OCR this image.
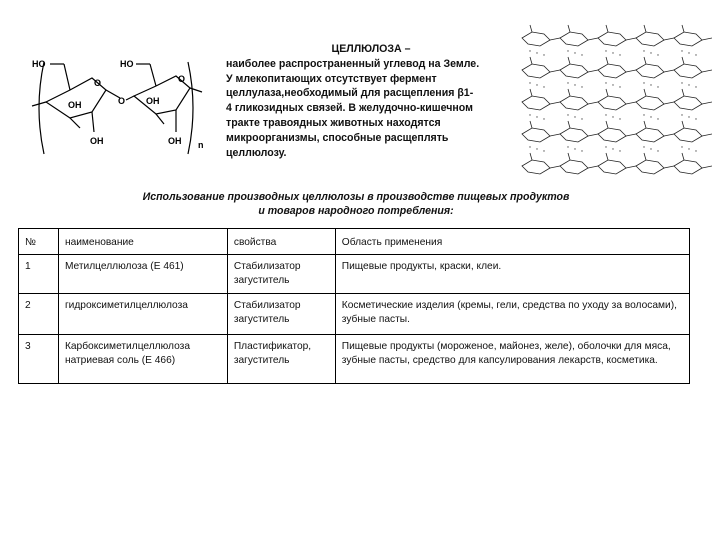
HO	HO
O	O
OH	OH
O
OH	OH n
ЦЕЛЛЮЛОЗА –
наиболее распространенный углевод на Земле.
У млекопитающих отсутствует фермент
целлулаза,необходимый для расщепления β1-
4 гликозидных связей. В желудочно-кишечном
тракте травоядных животных находятся
микроорганизмы, способные расщеплять
целлюлозу.
Использование производных целлюлозы в производстве пищевых продуктов
и товаров народного потребления:
№	наименование	свойства	Область применения
1	Метилцеллюлоза (Е 461)	Стабилизатор загуститель	Пищевые продукты, краски, клеи.
2	гидроксиметилцеллюлоза	Стабилизатор загуститель	Косметические изделия (кремы, гели, средства по уходу за волосами), зубные пасты.
3	Карбоксиметилцеллюлоза натриевая соль (Е 466)	Пластификатор, загуститель	Пищевые продукты (мороженое, майонез, желе), оболочки для мяса, зубные пасты, средство для капсулирования лекарств, косметика.
